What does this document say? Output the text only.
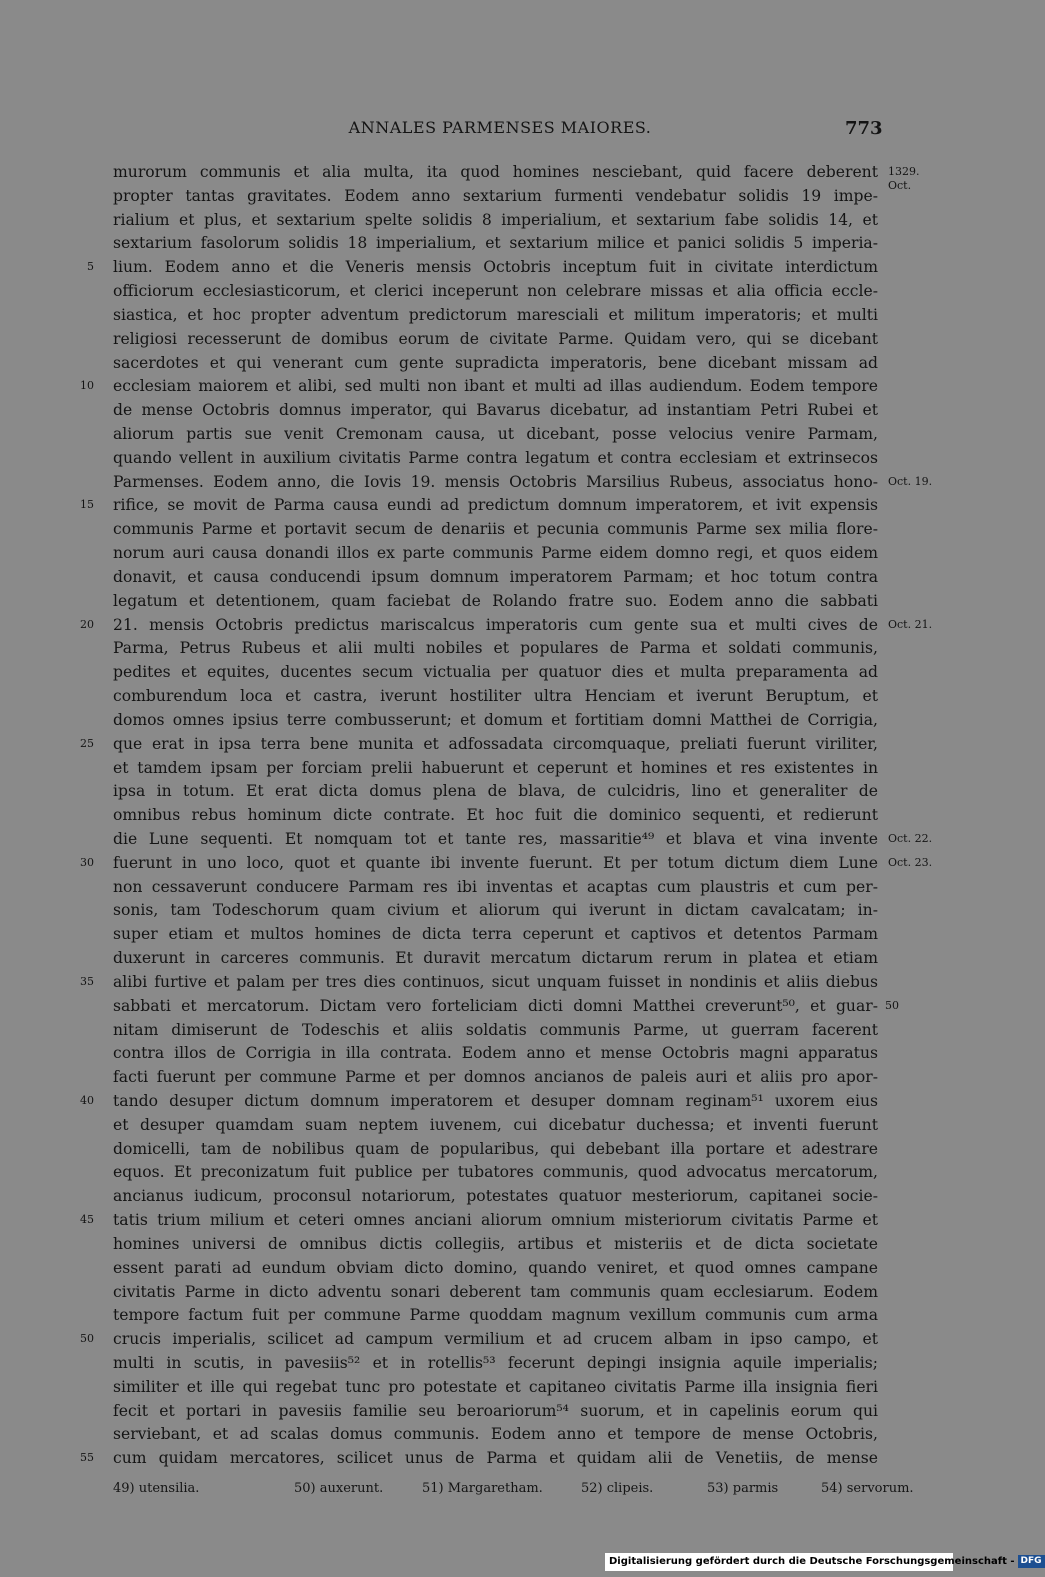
ANNALES PARMENSES MAIORES.	773
murorum communis et alia multa, ita quod homines nesciebant, quid facere deberent
propter tantas gravitates. Eodem anno sextarium furmenti vendebatur solidis 19 impe-
rialium et plus, et sextarium spelte solidis 8 imperialium, et sextarium fabe solidis 14, et
sextarium fasolorum solidis 18 imperialium, et sextarium milice et panici solidis 5 imperia-
lium. Eodem anno et die Veneris mensis Octobris inceptum fuit in civitate interdictum
officiorum ecclesiasticorum, et clerici inceperunt non celebrare missas et alia officia eccle-
siastica, et hoc propter adventum predictorum maresciali et militum imperatoris; et multi
religiosi recesserunt de domibus eorum de civitate Parme. Quidam vero, qui se dicebant
sacerdotes et qui venerant cum gente supradicta imperatoris, bene dicebant missam ad
ecclesiam maiorem et alibi, sed multi non ibant et multi ad illas audiendum. Eodem tempore
de mense Octobris domnus imperator, qui Bavarus dicebatur, ad instantiam Petri Rubei et
aliorum partis sue venit Cremonam causa, ut dicebant, posse velocius venire Parmam,
quando vellent in auxilium civitatis Parme contra legatum et contra ecclesiam et extrinsecos
Parmenses. Eodem anno, die Iovis 19. mensis Octobris Marsilius Rubeus, associatus hono-
rifice, se movit de Parma causa eundi ad predictum domnum imperatorem, et ivit expensis
communis Parme et portavit secum de denariis et pecunia communis Parme sex milia flore-
norum auri causa donandi illos ex parte communis Parme eidem domno regi, et quos eidem
donavit, et causa conducendi ipsum domnum imperatorem Parmam; et hoc totum contra
legatum et detentionem, quam faciebat de Rolando fratre suo. Eodem anno die sabbati
21. mensis Octobris predictus mariscalcus imperatoris cum gente sua et multi cives de
Parma, Petrus Rubeus et alii multi nobiles et populares de Parma et soldati communis,
pedites et equites, ducentes secum victualia per quatuor dies et multa preparamenta ad
comburendum loca et castra, iverunt hostiliter ultra Henciam et iverunt Beruptum, et
domos omnes ipsius terre combusserunt; et domum et fortitiam domni Matthei de Corrigia,
que erat in ipsa terra bene munita et adfossadata circomquaque, preliati fuerunt viriliter,
et tamdem ipsam per forciam prelii habuerunt et ceperunt et homines et res existentes in
ipsa in totum. Et erat dicta domus plena de blava, de culcidris, lino et generaliter de
omnibus rebus hominum dicte contrate. Et hoc fuit die dominico sequenti, et redierunt
die Lune sequenti. Et nomquam tot et tante res, massaritie⁴⁹ et blava et vina invente
fuerunt in uno loco, quot et quante ibi invente fuerunt. Et per totum dictum diem Lune
non cessaverunt conducere Parmam res ibi inventas et acaptas cum plaustris et cum per-
sonis, tam Todeschorum quam civium et aliorum qui iverunt in dictam cavalcatam; in-
super etiam et multos homines de dicta terra ceperunt et captivos et detentos Parmam
duxerunt in carceres communis. Et duravit mercatum dictarum rerum in platea et etiam
alibi furtive et palam per tres dies continuos, sicut unquam fuisset in nondinis et aliis diebus
sabbati et mercatorum. Dictam vero forteliciam dicti domni Matthei creverunt⁵⁰, et guar-
nitam dimiserunt de Todeschis et aliis soldatis communis Parme, ut guerram facerent
contra illos de Corrigia in illa contrata. Eodem anno et mense Octobris magni apparatus
facti fuerunt per commune Parme et per domnos ancianos de paleis auri et aliis pro apor-
tando desuper dictum domnum imperatorem et desuper domnam reginam⁵¹ uxorem eius
et desuper quamdam suam neptem iuvenem, cui dicebatur duchessa; et inventi fuerunt
domicelli, tam de nobilibus quam de popularibus, qui debebant illa portare et adestrare
equos. Et preconizatum fuit publice per tubatores communis, quod advocatus mercatorum,
ancianus iudicum, proconsul notariorum, potestates quatuor mesteriorum, capitanei socie-
tatis trium milium et ceteri omnes anciani aliorum omnium misteriorum civitatis Parme et
homines universi de omnibus dictis collegiis, artibus et misteriis et de dicta societate
essent parati ad eundum obviam dicto domino, quando veniret, et quod omnes campane
civitatis Parme in dicto adventu sonari deberent tam communis quam ecclesiarum. Eodem
tempore factum fuit per commune Parme quoddam magnum vexillum communis cum arma
crucis imperialis, scilicet ad campum vermilium et ad crucem albam in ipso campo, et
multi in scutis, in pavesiis⁵² et in rotellis⁵³ fecerunt depingi insignia aquile imperialis;
similiter et ille qui regebat tunc pro potestate et capitaneo civitatis Parme illa insignia fieri
fecit et portari in pavesiis familie seu beroariorum⁵⁴ suorum, et in capelinis eorum qui
serviebant, et ad scalas domus communis. Eodem anno et tempore de mense Octobris,
cum quidam mercatores, scilicet unus de Parma et quidam alii de Venetiis, de mense
5
10
15
20
25
30
35
40
45
50
55
1329.
Oct.
Oct. 19.
Oct. 21.
Oct. 22.
Oct. 23.
50
49) utensilia.	50) auxerunt.	51) Margaretham.	52) clipeis.	53) parmis	54) servorum.
Digitalisierung gefördert durch die Deutsche Forschungsgemeinschaft - DFG
